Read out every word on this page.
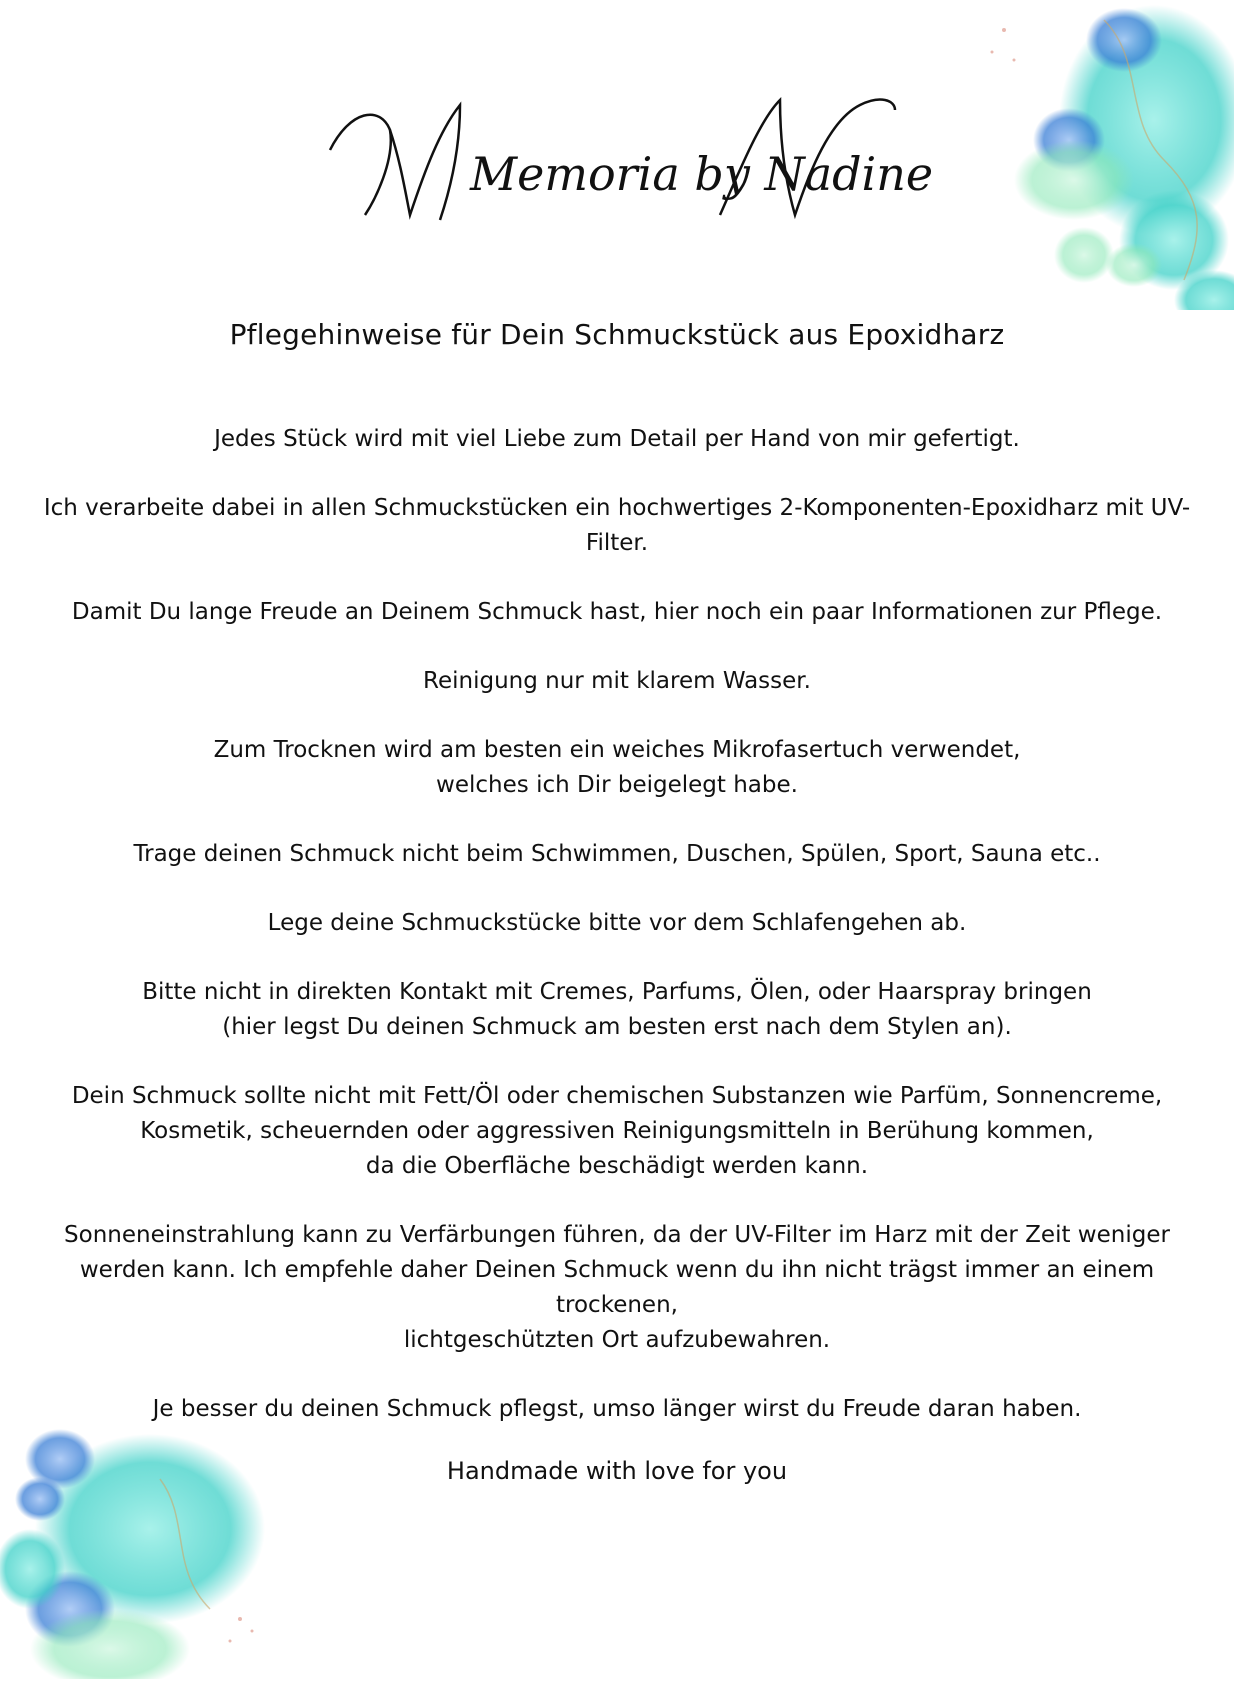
Memoria by Nadine
Pflegehinweise für Dein Schmuckstück aus Epoxidharz

Jedes Stück wird mit viel Liebe zum Detail per Hand von mir gefertigt.

Ich verarbeite dabei in allen Schmuckstücken ein hochwertiges 2-Komponenten-Epoxidharz mit UV-
Filter.

Damit Du lange Freude an Deinem Schmuck hast, hier noch ein paar Informationen zur Pflege.

Reinigung nur mit klarem Wasser.

Zum Trocknen wird am besten ein weiches Mikrofasertuch verwendet,
welches ich Dir beigelegt habe.

Trage deinen Schmuck nicht beim Schwimmen, Duschen, Spülen, Sport, Sauna etc..

Lege deine Schmuckstücke bitte vor dem Schlafengehen ab.

Bitte nicht in direkten Kontakt mit Cremes, Parfums, Ölen, oder Haarspray bringen
(hier legst Du deinen Schmuck am besten erst nach dem Stylen an).

Dein Schmuck sollte nicht mit Fett/Öl oder chemischen Substanzen wie Parfüm, Sonnencreme,
Kosmetik, scheuernden oder aggressiven Reinigungsmitteln in Berühung kommen,
da die Oberfläche beschädigt werden kann.

Sonneneinstrahlung kann zu Verfärbungen führen, da der UV-Filter im Harz mit der Zeit weniger
werden kann. Ich empfehle daher Deinen Schmuck wenn du ihn nicht trägst immer an einem trockenen,
lichtgeschützten Ort aufzubewahren.

Je besser du deinen Schmuck pflegst, umso länger wirst du Freude daran haben.

Handmade with love for you
